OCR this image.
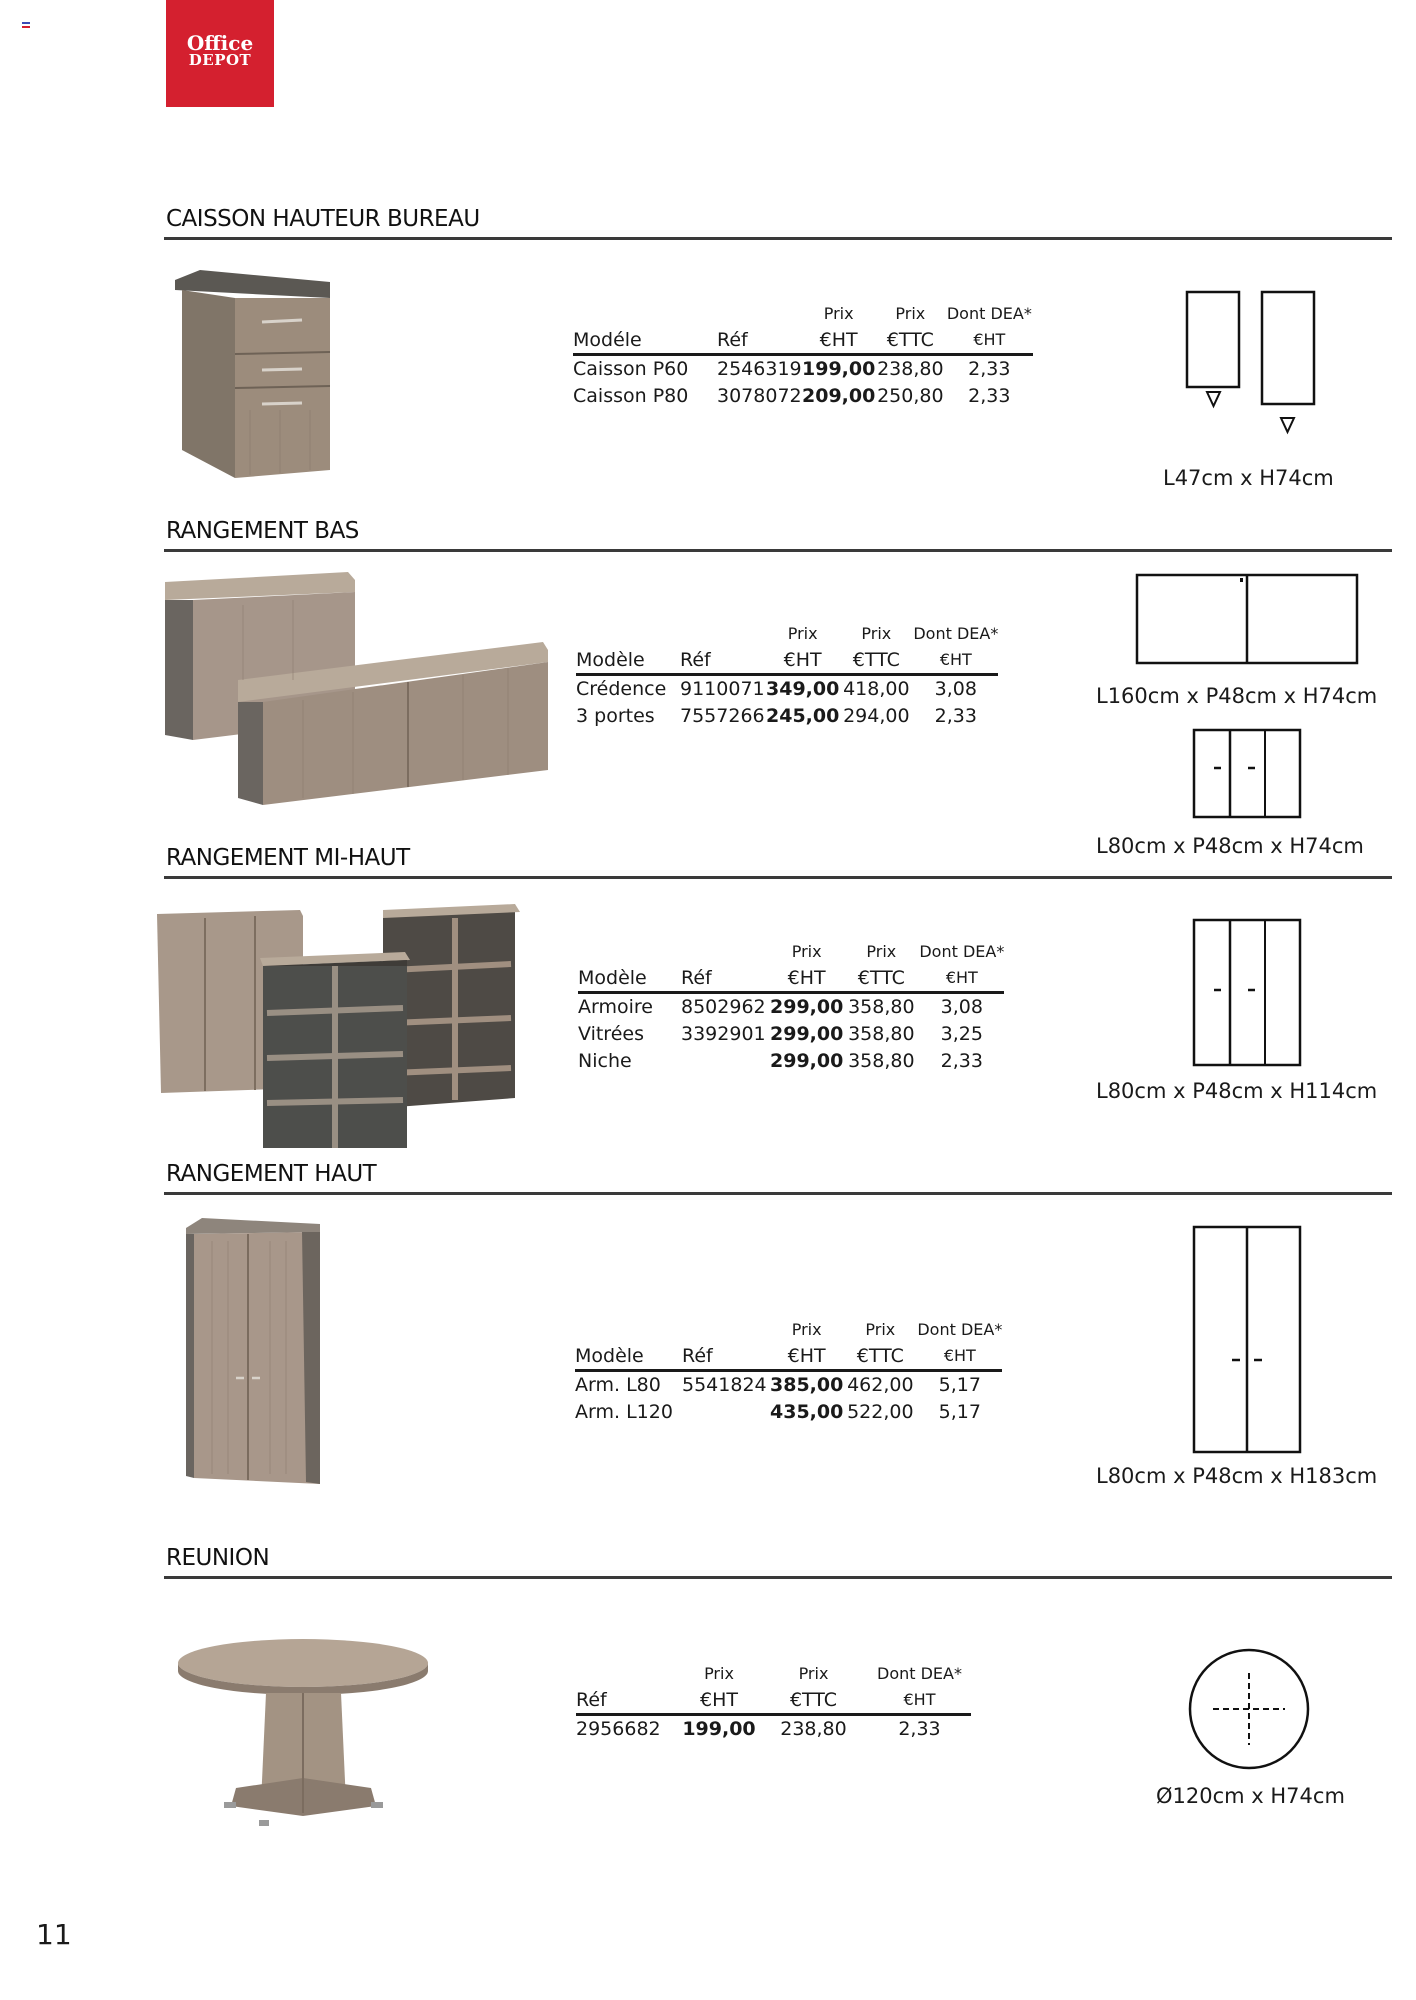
Office
DEPOT
CAISSON HAUTEUR BUREAU
		Prix	Prix	Dont DEA*
Modéle	Réf	€HT	€TTC	€HT
Caisson P60	2546319	199,00	238,80	2,33
Caisson P80	3078072	209,00	250,80	2,33
L47cm x H74cm
RANGEMENT BAS
		Prix	Prix	Dont DEA*
Modèle	Réf	€HT	€TTC	€HT
Crédence	9110071	349,00	418,00	3,08
3 portes	7557266	245,00	294,00	2,33
L160cm x P48cm x H74cm
L80cm x P48cm x H74cm
RANGEMENT MI-HAUT
		Prix	Prix	Dont DEA*
Modèle	Réf	€HT	€TTC	€HT
Armoire	8502962	299,00	358,80	3,08
Vitrées	3392901	299,00	358,80	3,25
Niche		299,00	358,80	2,33
L80cm x P48cm x H114cm
RANGEMENT HAUT
		Prix	Prix	Dont DEA*
Modèle	Réf	€HT	€TTC	€HT
Arm. L80	5541824	385,00	462,00	5,17
Arm. L120		435,00	522,00	5,17
L80cm x P48cm x H183cm
REUNION
	Prix	Prix	Dont DEA*
Réf	€HT	€TTC	€HT
2956682	199,00	238,80	2,33
Ø120cm x H74cm
11
